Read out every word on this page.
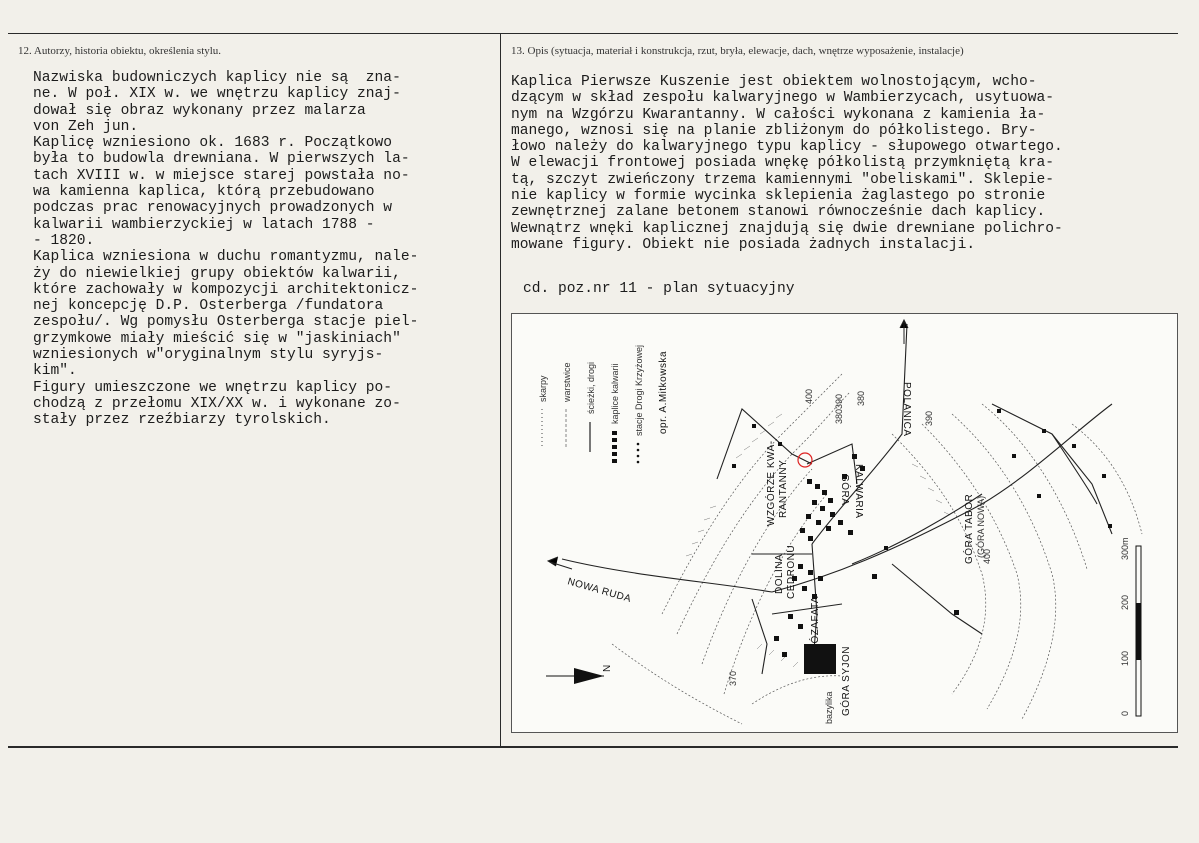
12. Autorzy, historia obiektu, określenia stylu.
Nazwiska budowniczych kaplicy nie są  zna-
ne. W poł. XIX w. we wnętrzu kaplicy znaj-
dował się obraz wykonany przez malarza
von Zeh jun.
Kaplicę wzniesiono ok. 1683 r. Początkowo
była to budowla drewniana. W pierwszych la-
tach XVIII w. w miejsce starej powstała no-
wa kamienna kaplica, którą przebudowano
podczas prac renowacyjnych prowadzonych w
kalwarii wambierzyckiej w latach 1788 -
- 1820.
Kaplica wzniesiona w duchu romantyzmu, nale-
ży do niewielkiej grupy obiektów kalwarii,
które zachowały w kompozycji architektonicz-
nej koncepcję D.P. Osterberga /fundatora
zespołu/. Wg pomysłu Osterberga stacje piel-
grzymkowe miały mieścić się w "jaskiniach"
wzniesionych w"oryginalnym stylu syryjs-
kim".
Figury umieszczone we wnętrzu kaplicy po-
chodzą z przełomu XIX/XX w. i wykonane zo-
stały przez rzeźbiarzy tyrolskich.
13. Opis (sytuacja, materiał i konstrukcja, rzut, bryła, elewacje, dach, wnętrze wyposażenie, instalacje)
Kaplica Pierwsze Kuszenie jest obiektem wolnostojącym, wcho-
dzącym w skład zespołu kalwaryjnego w Wambierzycach, usytuowa-
nym na Wzgórzu Kwarantanny. W całości wykonana z kamienia ła-
manego, wznosi się na planie zbliżonym do półkolistego. Bry-
łowo należy do kalwaryjnego typu kaplicy - słupowego otwartego.
W elewacji frontowej posiada wnękę półkolistą przymkniętą kra-
tą, szczyt zwieńczony trzema kamiennymi "obeliskami". Sklepie-
nie kaplicy w formie wycinka sklepienia żaglastego po stronie
zewnętrznej zalane betonem stanowi równocześnie dach kaplicy.
Wewnątrz wnęki kaplicznej znajdują się dwie drewniane polichro-
mowane figury. Obiekt nie posiada żadnych instalacji.
cd. poz.nr 11 - plan sytuacyjny
skarpy warstwice ścieżki, drogi kaplice kalwarii stacje Drogi Krzyżowej opr. A.Mitkowska	POLANICA
NOWA RUDA
WZGÓRZE KWA- RANTANNY	GÓRA KALWARIA
GÓRA TABOR (GÓRA NOWA)
DOLINA CEDRONU
JÓZAFATA
GÓRA SYJON
bazylika
400 390 380
390
400
370
380
N
0
100
200
300m
